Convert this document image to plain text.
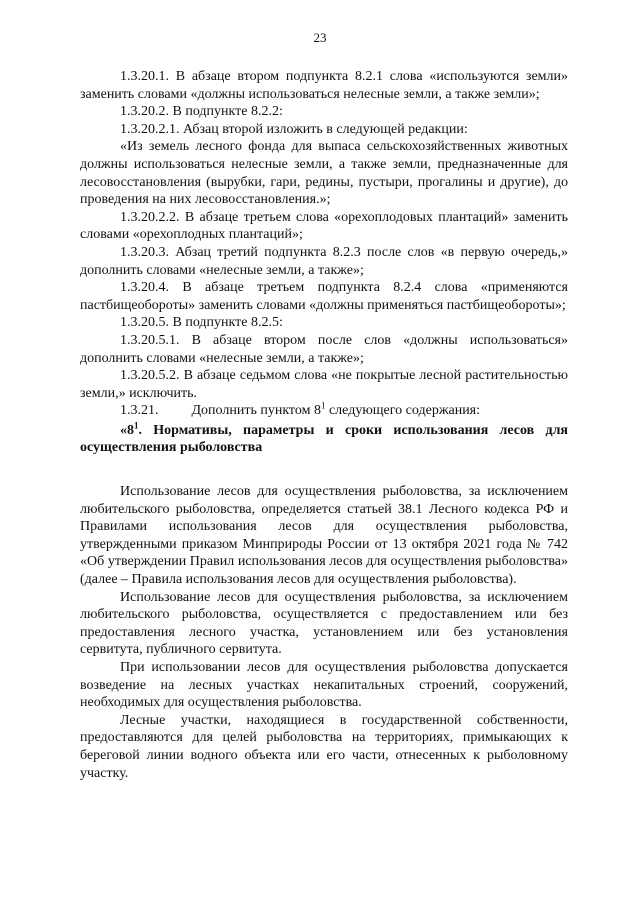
23

1.3.20.1. В абзаце втором подпункта 8.2.1 слова «используются земли» заменить словами «должны использоваться нелесные земли, а также земли»;

1.3.20.2. В подпункте 8.2.2:

1.3.20.2.1. Абзац второй изложить в следующей редакции:

«Из земель лесного фонда для выпаса сельскохозяйственных животных должны использоваться нелесные земли, а также земли, предназначенные для лесовосстановления (вырубки, гари, редины, пустыри, прогалины и другие), до проведения на них лесовосстановления.»;

1.3.20.2.2. В абзаце третьем слова «орехоплодовых плантаций» заменить словами «орехоплодных плантаций»;

1.3.20.3. Абзац третий подпункта 8.2.3 после слов «в первую очередь,» дополнить словами «нелесные земли, а также»;

1.3.20.4. В абзаце третьем подпункта 8.2.4 слова «применяются пастбищеобороты» заменить словами «должны применяться пастбищеобороты»;

1.3.20.5. В подпункте 8.2.5:

1.3.20.5.1. В абзаце втором после слов «должны использоваться» дополнить словами «нелесные земли, а также»;

1.3.20.5.2. В абзаце седьмом слова «не покрытые лесной растительностью земли,» исключить.

1.3.21. Дополнить пунктом $8^1$ следующего содержания:

«$8^1$. Нормативы, параметры и сроки использования лесов для осуществления рыболовства

Использование лесов для осуществления рыболовства, за исключением любительского рыболовства, определяется статьей 38.1 Лесного кодекса РФ и Правилами использования лесов для осуществления рыболовства, утвержденными приказом Минприроды России от 13 октября 2021 года № 742 «Об утверждении Правил использования лесов для осуществления рыболовства» (далее – Правила использования лесов для осуществления рыболовства).

Использование лесов для осуществления рыболовства, за исключением любительского рыболовства, осуществляется с предоставлением или без предоставления лесного участка, установлением или без установления сервитута, публичного сервитута.

При использовании лесов для осуществления рыболовства допускается возведение на лесных участках некапитальных строений, сооружений, необходимых для осуществления рыболовства.

Лесные участки, находящиеся в государственной собственности, предоставляются для целей рыболовства на территориях, примыкающих к береговой линии водного объекта или его части, отнесенных к рыболовному участку.
